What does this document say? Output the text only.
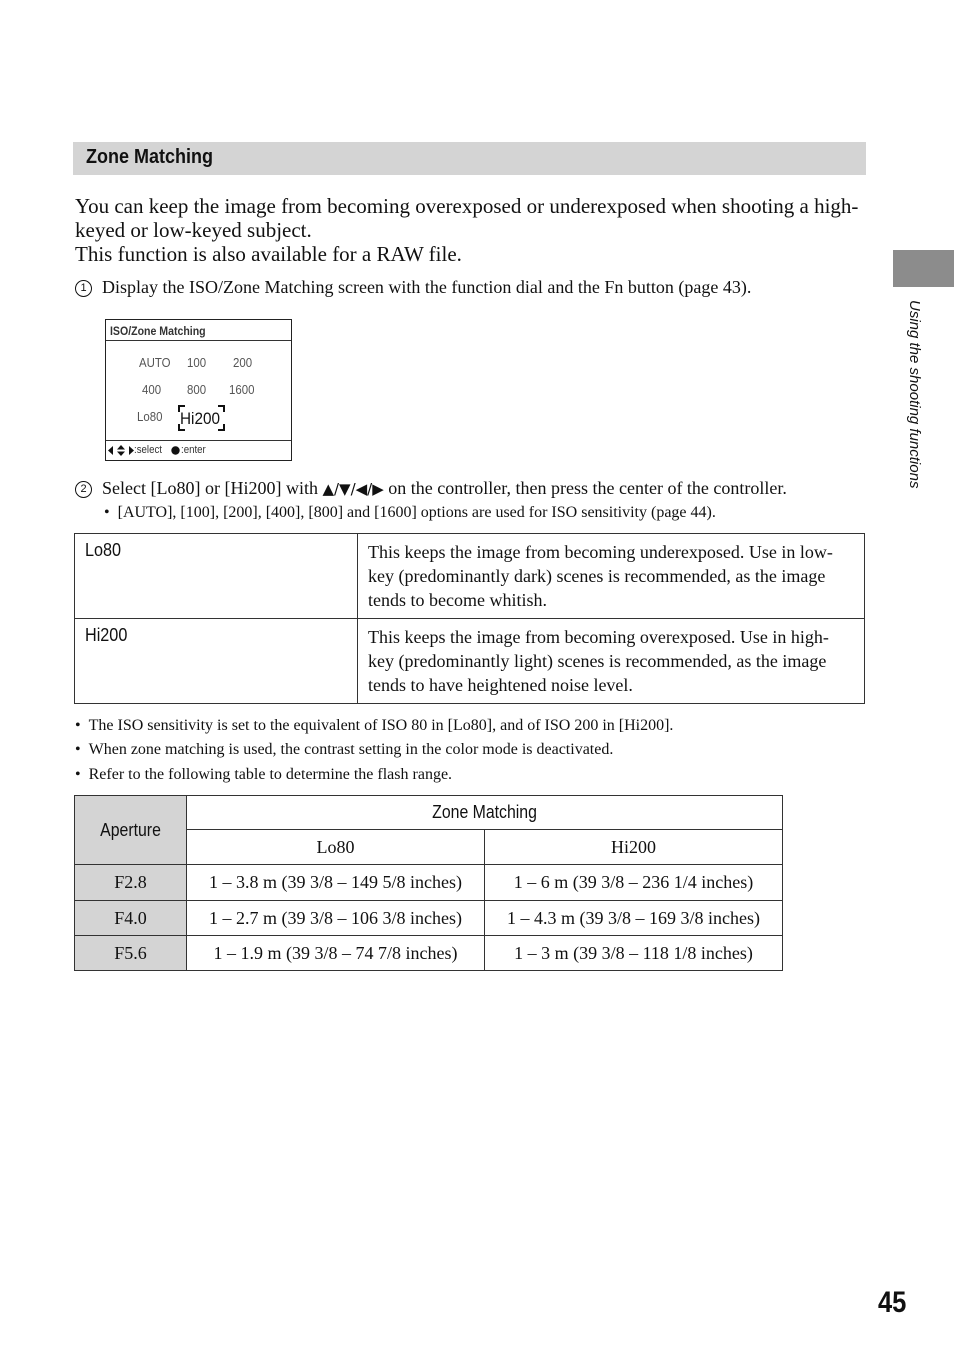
Zone Matching

You can keep the image from becoming overexposed or underexposed when shooting a high-keyed or low-keyed subject.

This function is also available for a RAW file.

1 Display the ISO/Zone Matching screen with the function dial and the Fn button (page 43).
ISO/Zone Matching
AUTO 100 200
400 800 1600
Lo80 Hi200
:select :enter
2 Select [Lo80] or [Hi200] with ▲/▼/◀/▶ on the controller, then press the center of the controller.
•  [AUTO], [100], [200], [400], [800] and [1600] options are used for ISO sensitivity (page 44).
Lo80	This keeps the image from becoming underexposed. Use in low-key (predominantly dark) scenes is recommended, as the image tends to become whitish.
Hi200	This keeps the image from becoming overexposed. Use in high-key (predominantly light) scenes is recommended, as the image tends to have heightened noise level.
•  The ISO sensitivity is set to the equivalent of ISO 80 in [Lo80], and of ISO 200 in [Hi200].
•  When zone matching is used, the contrast setting in the color mode is deactivated.
•  Refer to the following table to determine the flash range.
Aperture	Zone Matching	
	Lo80	Hi200
F2.8	1 – 3.8 m (39 3/8 – 149 5/8 inches)	1 – 6 m (39 3/8 – 236 1/4 inches)
F4.0	1 – 2.7 m (39 3/8 – 106 3/8 inches)	1 – 4.3 m (39 3/8 – 169 3/8 inches)
F5.6	1 – 1.9 m (39 3/8 – 74 7/8 inches)	1 – 3 m (39 3/8 – 118 1/8 inches)
Using the shooting functions
45
